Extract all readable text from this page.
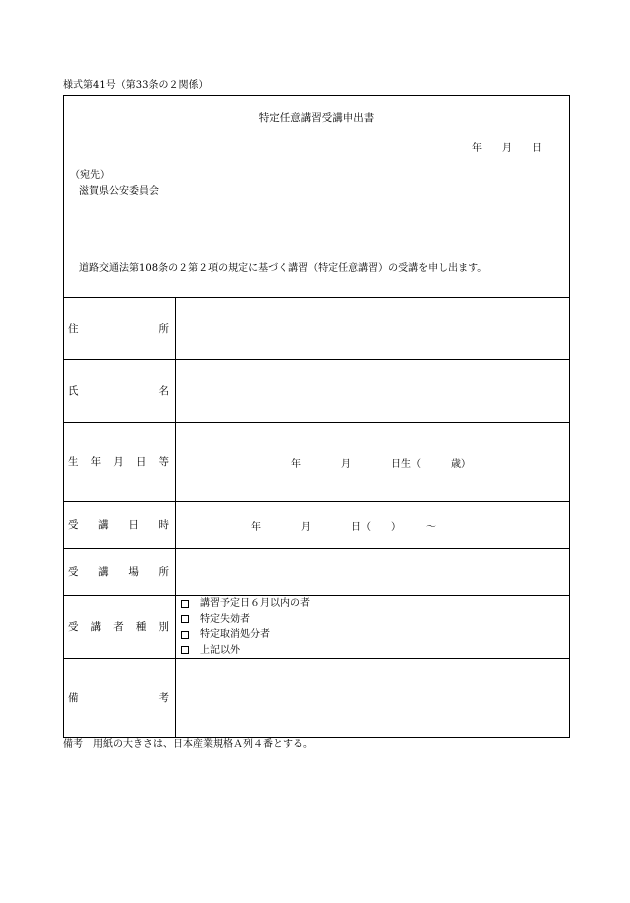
様式第41号（第33条の２関係）
特定任意講習受講申出書
年　　月　　日
（宛先）
滋賀県公安委員会
道路交通法第108条の２第２項の規定に基づく講習（特定任意講習）の受講を申し出ます。
住所
氏名
生年月日等	年　　　　月　　　　日生（　　　歳）
受講日時	年　　　　月　　　　日（　　）　　　～
受講場所
受講者種別
講習予定日６月以内の者
特定失効者
特定取消処分者
上記以外
備考
備考　用紙の大きさは、日本産業規格Ａ列４番とする。
